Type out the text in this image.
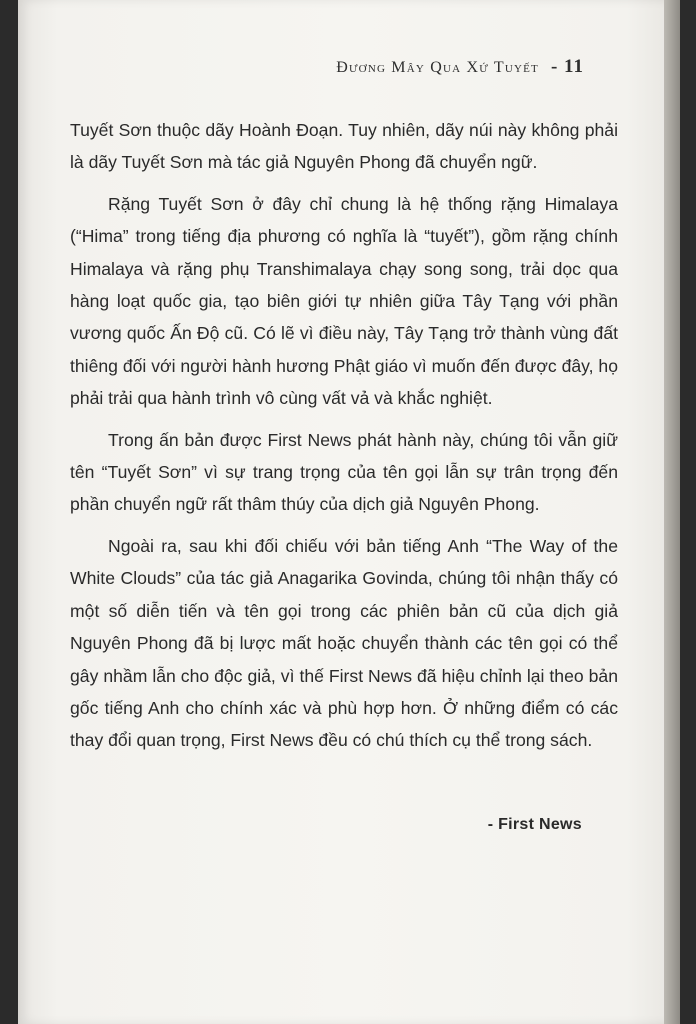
Đương Mây Qua Xứ Tuyết - 11

Tuyết Sơn thuộc dãy Hoành Đoạn. Tuy nhiên, dãy núi này không phải là dãy Tuyết Sơn mà tác giả Nguyên Phong đã chuyển ngữ.

Rặng Tuyết Sơn ở đây chỉ chung là hệ thống rặng Himalaya (“Hima” trong tiếng địa phương có nghĩa là “tuyết”), gồm rặng chính Himalaya và rặng phụ Transhimalaya chạy song song, trải dọc qua hàng loạt quốc gia, tạo biên giới tự nhiên giữa Tây Tạng với phần vương quốc Ấn Độ cũ. Có lẽ vì điều này, Tây Tạng trở thành vùng đất thiêng đối với người hành hương Phật giáo vì muốn đến được đây, họ phải trải qua hành trình vô cùng vất vả và khắc nghiệt.

Trong ấn bản được First News phát hành này, chúng tôi vẫn giữ tên “Tuyết Sơn” vì sự trang trọng của tên gọi lẫn sự trân trọng đến phần chuyển ngữ rất thâm thúy của dịch giả Nguyên Phong.

Ngoài ra, sau khi đối chiếu với bản tiếng Anh “The Way of the White Clouds” của tác giả Anagarika Govinda, chúng tôi nhận thấy có một số diễn tiến và tên gọi trong các phiên bản cũ của dịch giả Nguyên Phong đã bị lược mất hoặc chuyển thành các tên gọi có thể gây nhầm lẫn cho độc giả, vì thế First News đã hiệu chỉnh lại theo bản gốc tiếng Anh cho chính xác và phù hợp hơn. Ở những điểm có các thay đổi quan trọng, First News đều có chú thích cụ thể trong sách.

- First News
